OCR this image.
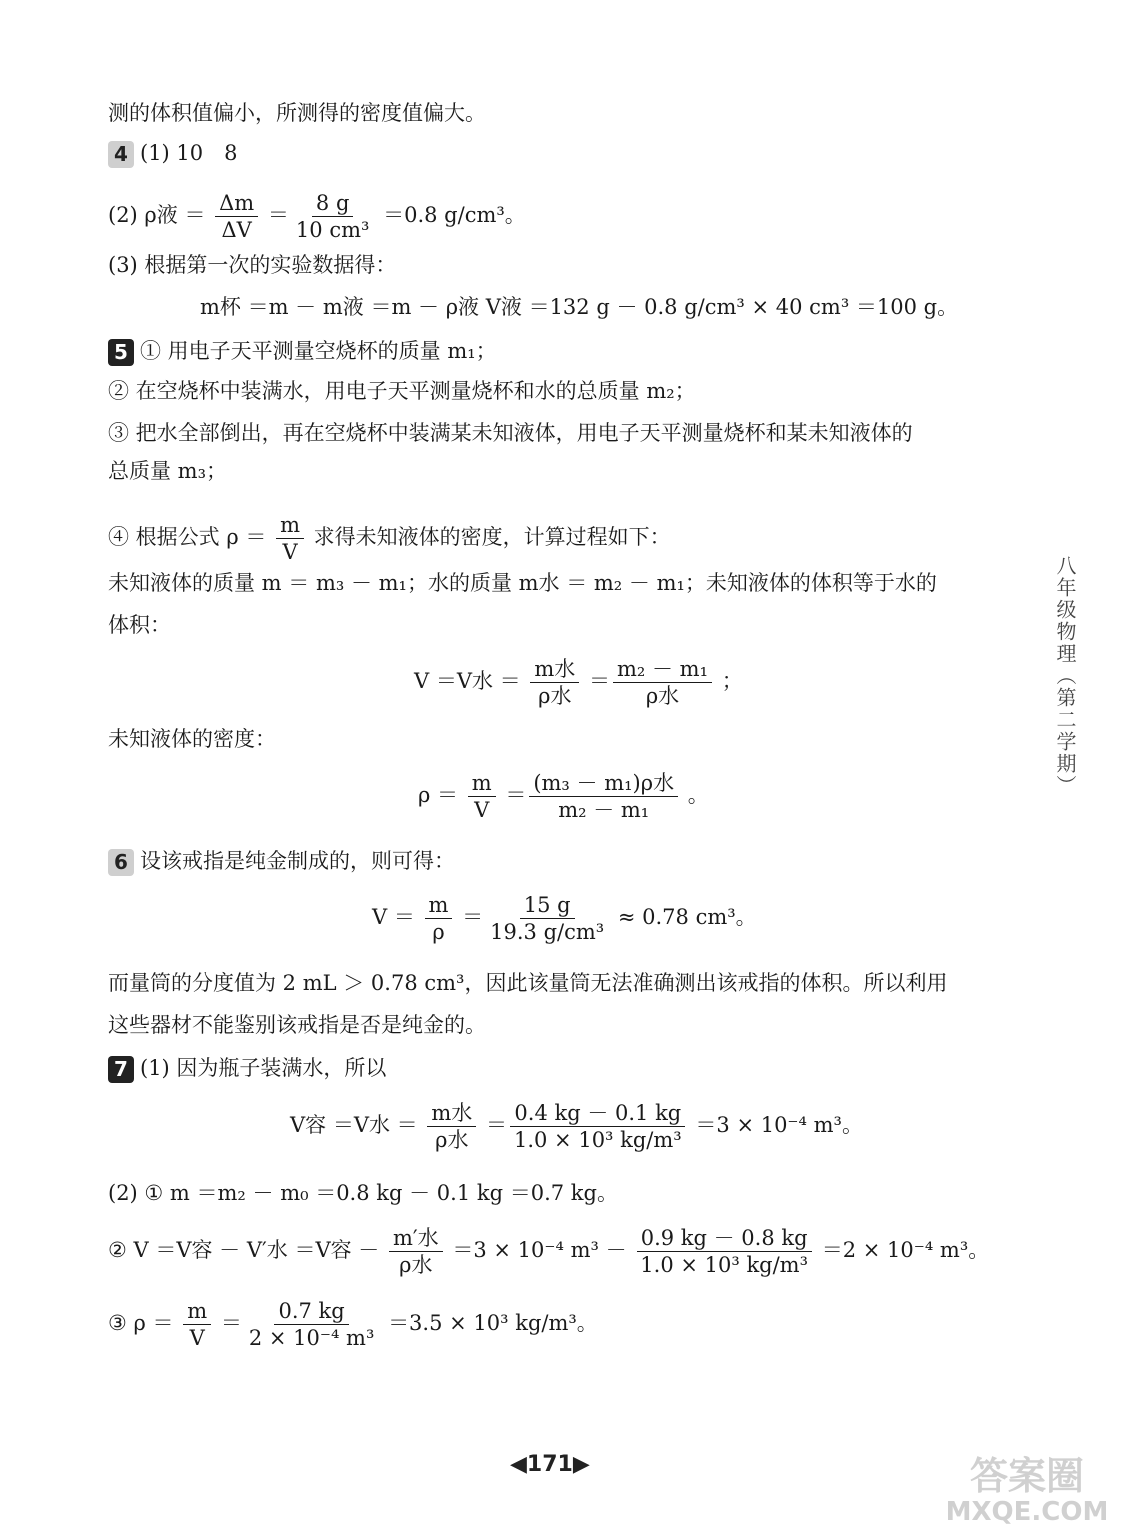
测的体积值偏小，所测得的密度值偏大。
4 (1) 10　8
(2) ρ液 ＝ $\frac{\Delta m}{\Delta V} = \frac{8 g}{\text{10 cm³}} =0.8$ g/cm³。
(3) 根据第一次的实验数据得：
m杯 ＝m － m液 ＝m － ρ液 V液 ＝132 g － 0.8 g/cm³ × 40 cm³ ＝100 g。
5 ① 用电子天平测量空烧杯的质量 m₁；
② 在空烧杯中装满水，用电子天平测量烧杯和水的总质量 m₂；
③ 把水全部倒出，再在空烧杯中装满某未知液体，用电子天平测量烧杯和某未知液体的
总质量 m₃；
④ 根据公式 $\rho = \frac{m}{V}$ 求得未知液体的密度，计算过程如下：
未知液体的质量 m ＝ m₃ － m₁；水的质量 m水 ＝ m₂ － m₁；未知液体的体积等于水的
体积：
V ＝V水 ＝ $\frac{\text{m水}}{\text{ρ水}} = \frac{\text{m₂ － m₁}}{\text{ρ水}}$ ；
未知液体的密度：
$\rho = \frac{m}{V} = \frac{\text{(m₃ － m₁)ρ水}}{\text{m₂ － m₁}}$ 。
6 设该戒指是纯金制成的，则可得：
$V = \frac{m}{\rho} = \frac{15 g}{\text{19.3 g/cm³}} \approx 0.78$ cm³。
而量筒的分度值为 2 mL ＞ 0.78 cm³，因此该量筒无法准确测出该戒指的体积。所以利用
这些器材不能鉴别该戒指是否是纯金的。
7 (1) 因为瓶子装满水，所以
V容 ＝V水 ＝ $\frac{\text{m水}}{\text{ρ水}} = \frac{0.4 kg - 0.1 kg}{\text{1.0 × 10³ kg/m³}} =3 \times 10^{-4}$ m³。
(2) ① m ＝m₂ － m₀ ＝0.8 kg － 0.1 kg ＝0.7 kg。
② V ＝V容 － V′水 ＝V容 － $\frac{\text{m′水}}{\text{ρ水}} =3 \times 10^{-4}$ $m^3 - \frac{0.9 kg - 0.8 kg}{\text{1.0 × 10³ kg/m³}} =2 \times 10^{-4}$ m³。
③ $\rho = \frac{m}{V} = \frac{0.7 kg}{\text{2 × 10⁻⁴ m³}} =3.5 \times 10^3$ kg/m³。
八年级物理（第二学期）
◀171▶	答案圈
MXQE.COM
